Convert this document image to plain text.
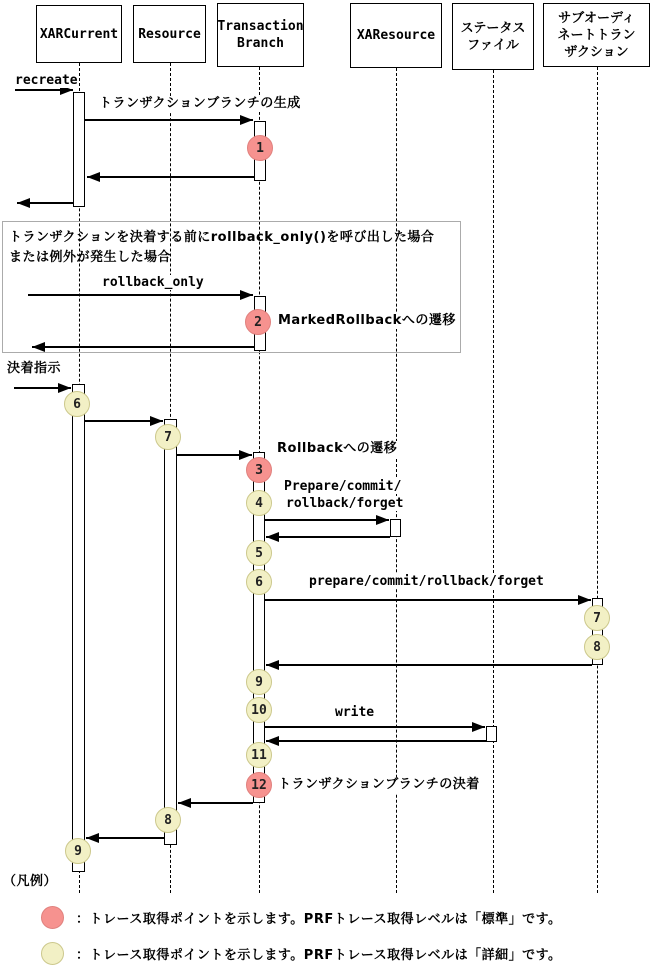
トランザクションを決着する前にrollback_only()を呼び出した場合
または例外が発生した場合
XARCurrent Resource Transaction
Branch
XAResource ステータス
ファイル
サブオーディ
ネートトラン
ザクション
recreate
トランザクションブランチの生成
rollback_only
MarkedRollbackへの遷移
決着指示
Rollbackへの遷移
Prepare/commit/
rollback/forget
prepare/commit/rollback/forget
write
トランザクションブランチの決着
（凡例）
1
2
6
7
3
4
5
6
7
8
9
10
11
12
8
9
：トレース取得ポイントを示します。PRFトレース取得レベルは「標準」です。
：トレース取得ポイントを示します。PRFトレース取得レベルは「詳細」です。
